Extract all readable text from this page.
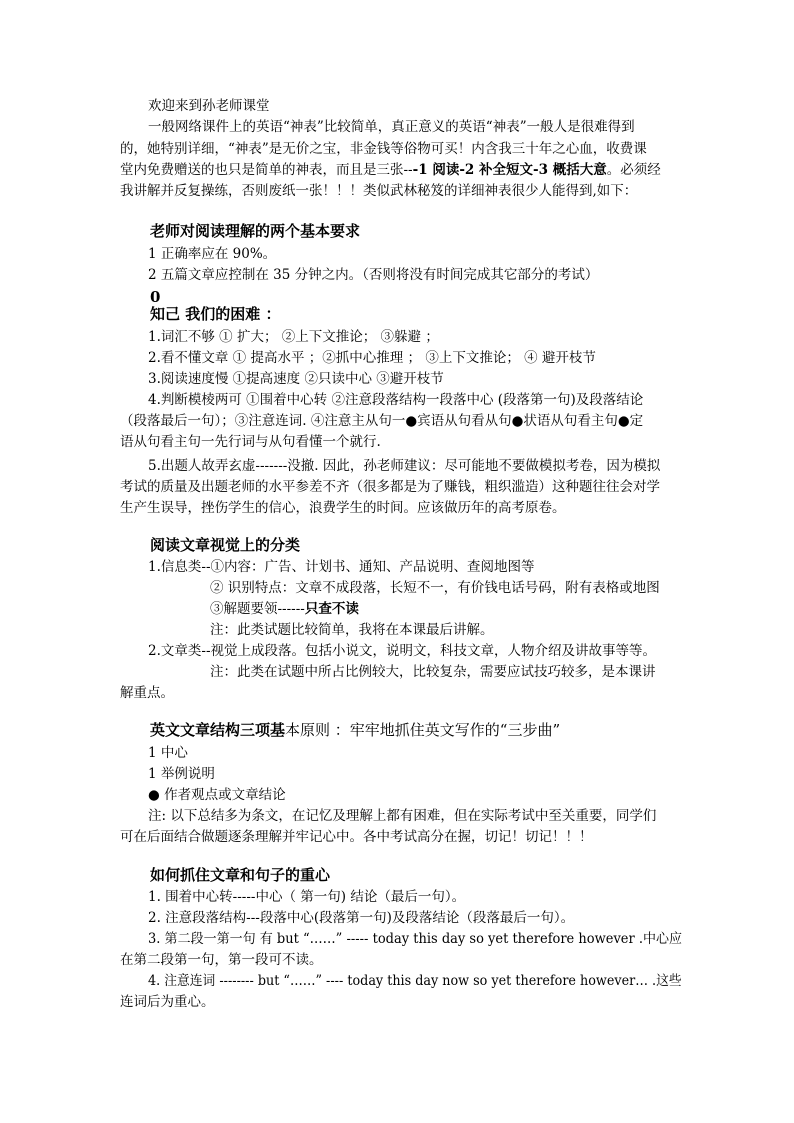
欢迎来到孙老师课堂
一般网络课件上的英语“神表”比较简单，真正意义的英语“神表”一般人是很难得到
的，她特别详细，“神表”是无价之宝，非金钱等俗物可买！内含我三十年之心血，收费课
堂内免费赠送的也只是简单的神表，而且是三张---1 阅读-2 补全短文-3 概括大意。必须经
我讲解并反复操练，否则废纸一张！！！类似武林秘笈的详细神表很少人能得到,如下：
老师对阅读理解的两个基本要求
1 正确率应在 90%。
2 五篇文章应控制在 35 分钟之内。（否则将没有时间完成其它部分的考试）
0
知己 我们的困难 ：
1.词汇不够 ① 扩大； ②上下文推论； ③躲避 ；
2.看不懂文章 ① 提高水平 ；②抓中心推理 ； ③上下文推论； ④ 避开枝节
3.阅读速度慢 ①提高速度 ②只读中心 ③避开枝节
4.判断模棱两可 ①围着中心转 ②注意段落结构一段落中心 (段落第一句)及段落结论
（段落最后一句）；③注意连词. ④注意主从句一●宾语从句看从句●状语从句看主句●定
语从句看主句一先行词与从句看懂一个就行.
5.出题人故弄玄虚-------没撤. 因此，孙老师建议：尽可能地不要做模拟考卷，因为模拟
考试的质量及出题老师的水平参差不齐（很多都是为了赚钱，粗织滥造）这种题往往会对学
生产生误导，挫伤学生的信心，浪费学生的时间。应该做历年的高考原卷。
阅读文章视觉上的分类
1.信息类--①内容：广告、计划书、通知、产品说明、查阅地图等
② 识别特点：文章不成段落，长短不一，有价钱电话号码，附有表格或地图
③解题要领------只查不读
注：此类试题比较简单，我将在本课最后讲解。
2.文章类--视觉上成段落。包括小说文，说明文，科技文章，人物介绍及讲故事等等。
注：此类在试题中所占比例较大，比较复杂，需要应试技巧较多，是本课讲
解重点。
英文文章结构三项基本原则 ：牢牢地抓住英文写作的“三步曲”
1 中心
1 举例说明
● 作者观点或文章结论
注: 以下总结多为条文，在记忆及理解上都有困难，但在实际考试中至关重要，同学们
可在后面结合做题逐条理解并牢记心中。各中考试高分在握，切记！切记！！！
如何抓住文章和句子的重心
1. 围着中心转-----中心（ 第一句) 结论（最后一句）。
2. 注意段落结构---段落中心(段落第一句)及段落结论（段落最后一句）。
3. 第二段一第一句 有 but “……” ----- today this day so yet therefore however .中心应
在第二段第一句，第一段可不读。
4. 注意连词 -------- but “……” ---- today this day now so yet therefore however… .这些
连词后为重心。
